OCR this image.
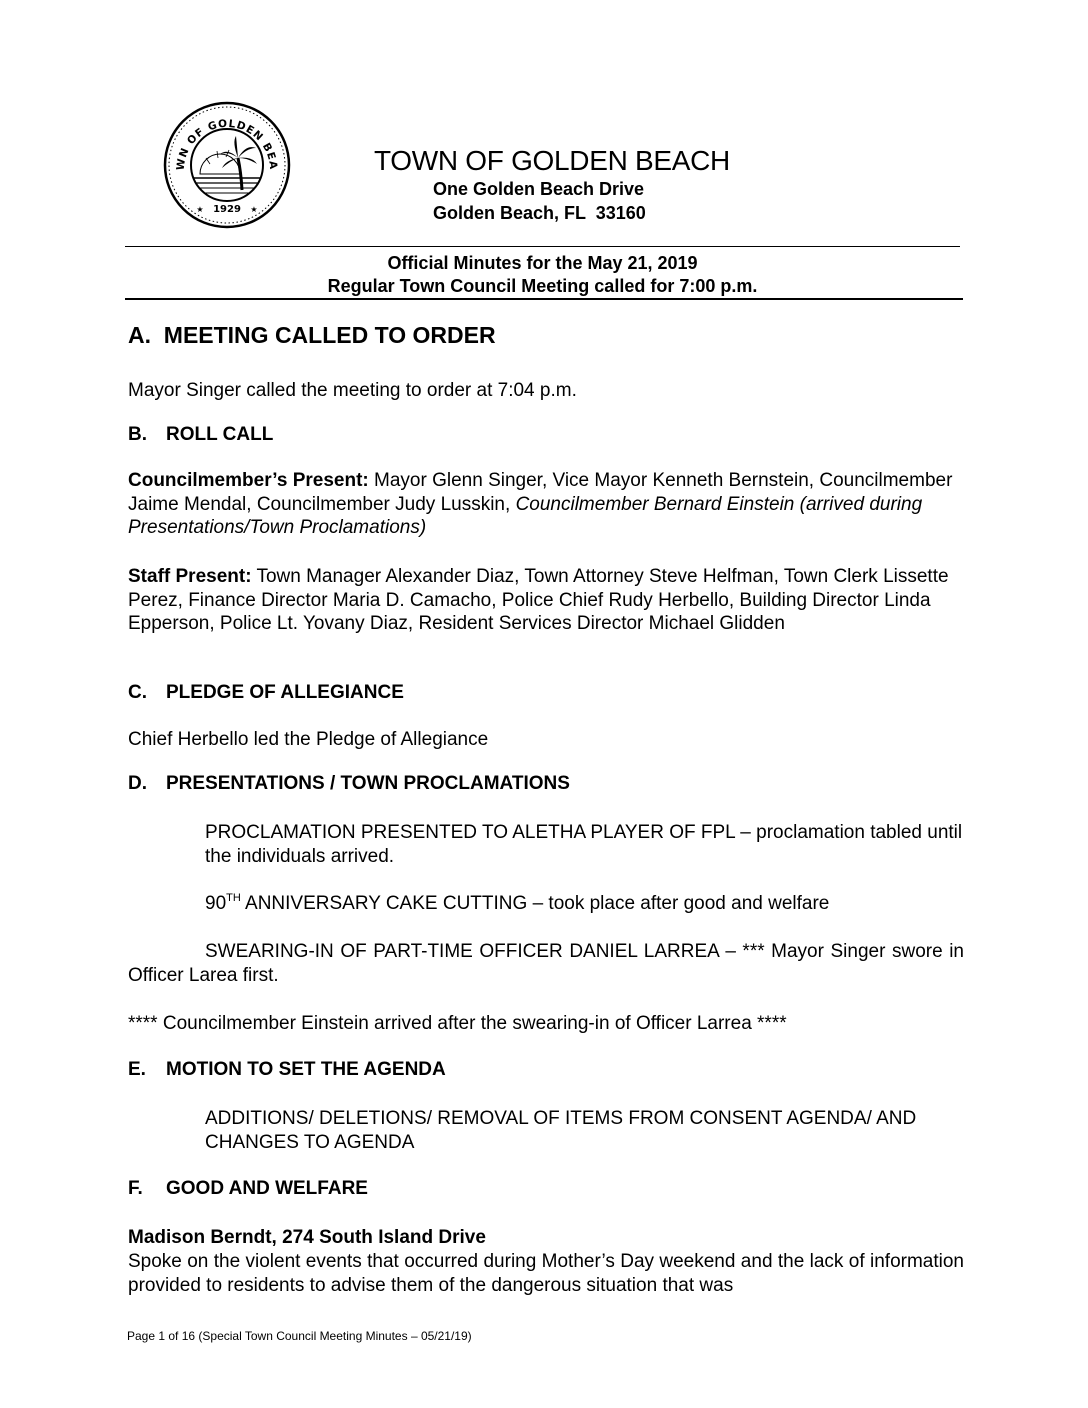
WN OF GOLDEN BEA
1929
★	★
TOWN OF GOLDEN BEACH
One Golden Beach Drive
Golden Beach, FL  33160
Official Minutes for the May 21, 2019
Regular Town Council Meeting called for 7:00 p.m.
A.  MEETING CALLED TO ORDER
Mayor Singer called the meeting to order at 7:04 p.m.
B. ROLL CALL
Councilmember’s Present: Mayor Glenn Singer, Vice Mayor Kenneth Bernstein, Councilmember Jaime Mendal, Councilmember Judy Lusskin, Councilmember Bernard Einstein (arrived during Presentations/Town Proclamations)
Staff Present: Town Manager Alexander Diaz, Town Attorney Steve Helfman, Town Clerk Lissette Perez, Finance Director Maria D. Camacho, Police Chief Rudy Herbello, Building Director Linda Epperson, Police Lt. Yovany Diaz, Resident Services Director Michael Glidden
C. PLEDGE OF ALLEGIANCE
Chief Herbello led the Pledge of Allegiance
D. PRESENTATIONS / TOWN PROCLAMATIONS
PROCLAMATION PRESENTED TO ALETHA PLAYER OF FPL – proclamation tabled until the individuals arrived.
90TH ANNIVERSARY CAKE CUTTING – took place after good and welfare
SWEARING-IN OF PART-TIME OFFICER DANIEL LARREA – *** Mayor Singer swore in Officer Larea first.
**** Councilmember Einstein arrived after the swearing-in of Officer Larrea ****
E. MOTION TO SET THE AGENDA
ADDITIONS/ DELETIONS/ REMOVAL OF ITEMS FROM CONSENT AGENDA/ AND CHANGES TO AGENDA
F. GOOD AND WELFARE
Madison Berndt, 274 South Island Drive
Spoke on the violent events that occurred during Mother’s Day weekend and the lack of information provided to residents to advise them of the dangerous situation that was
Page 1 of 16 (Special Town Council Meeting Minutes – 05/21/19)
